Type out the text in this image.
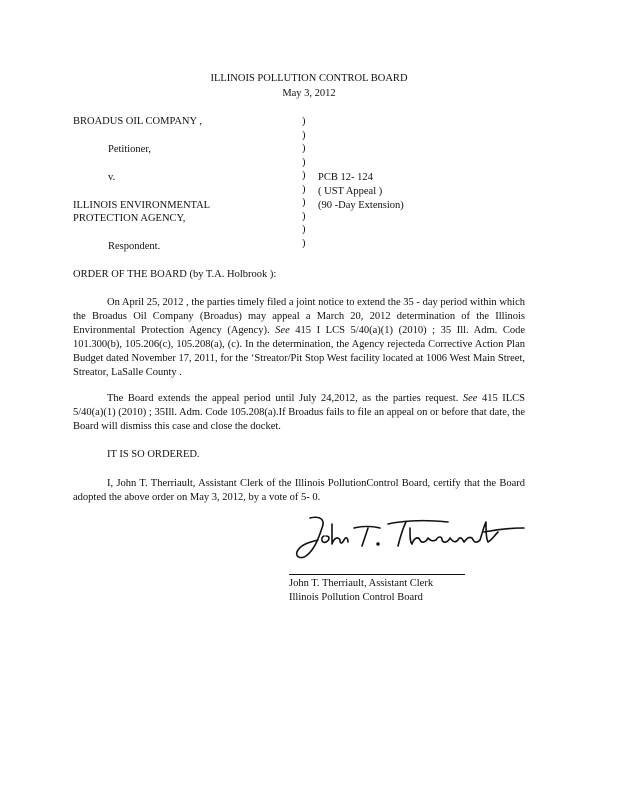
ILLINOIS POLLUTION CONTROL BOARD
May 3, 2012
BROADUS OIL COMPANY ,
Petitioner,
v.
ILLINOIS ENVIRONMENTAL
PROTECTION AGENCY,
Respondent.
)
)
)
)
)
)
)
)
)
)
PCB 12- 124
( UST Appeal )
(90 -Day Extension)
ORDER OF THE BOARD (by T.A. Holbrook ):
On April 25, 2012 , the parties timely filed a joint notice to extend the 35 - day period within which the Broadus Oil Company (Broadus) may appeal a March 20, 2012 determination of the Illinois Environmental Protection Agency (Agency). See 415 I LCS 5/40(a)(1) (2010) ; 35 Ill. Adm. Code 101.300(b), 105.206(c), 105.208(a), (c). In the determination, the Agency rejecteda Corrective Action Plan Budget dated November 17, 2011, for the ‘Streator/Pit Stop West facility located at 1006 West Main Street, Streator, LaSalle County .
The Board extends the appeal period until July 24,2012, as the parties request. See 415 ILCS 5/40(a)(1) (2010) ; 35Ill. Adm. Code 105.208(a).If Broadus fails to file an appeal on or before that date, the Board will dismiss this case and close the docket.
IT IS SO ORDERED.
I, John T. Therriault, Assistant Clerk of the Illinois PollutionControl Board, certify that the Board adopted the above order on May 3, 2012, by a vote of 5- 0.
John T. Therriault, Assistant Clerk
Illinois Pollution Control Board
